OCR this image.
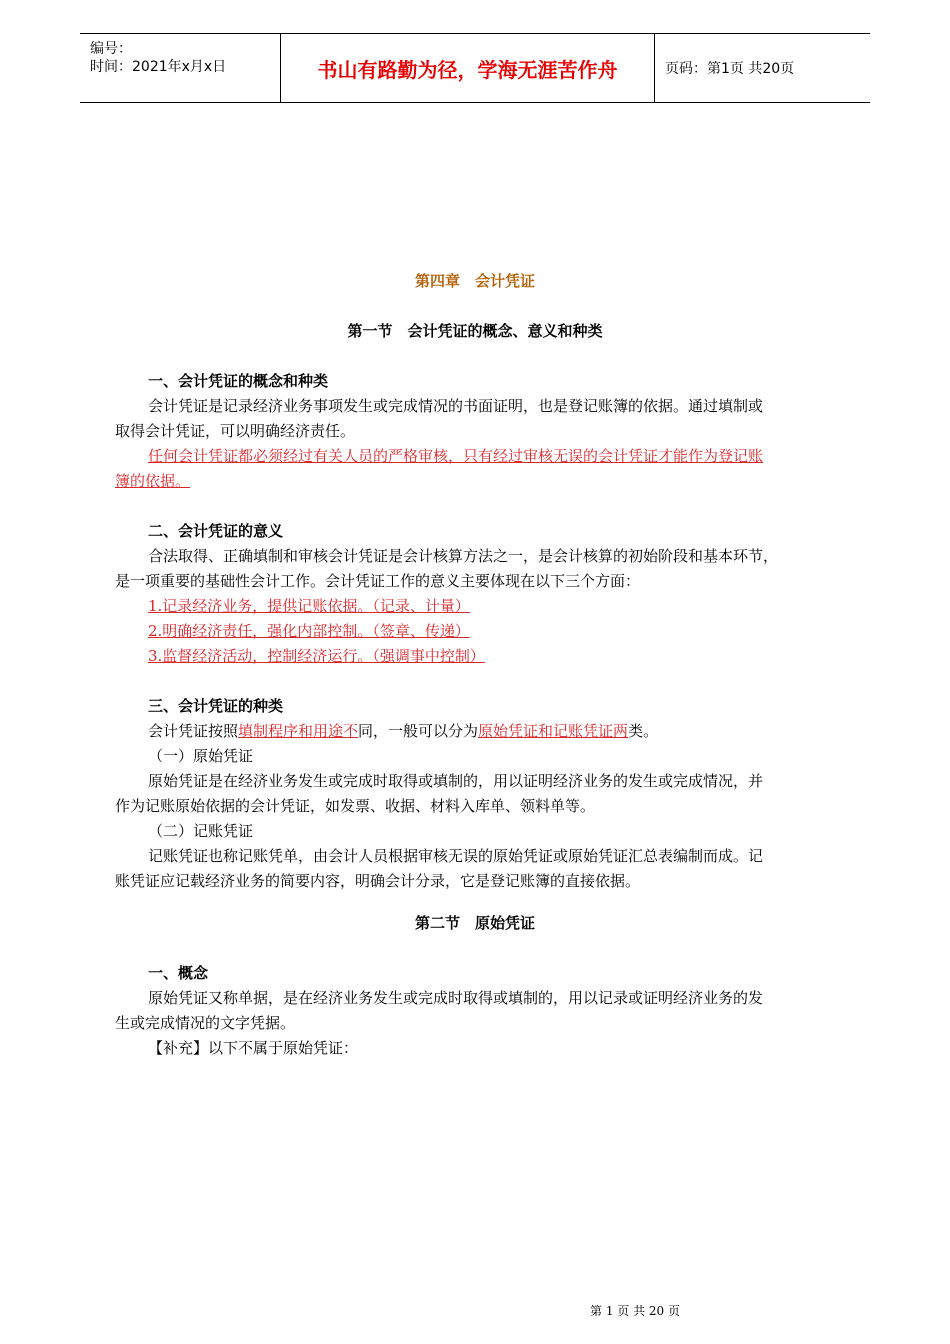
编号：
时间：2021年x月x日	书山有路勤为径，学海无涯苦作舟	页码：第1页 共20页
第四章　会计凭证
第一节　会计凭证的概念、意义和种类
一、会计凭证的概念和种类
会计凭证是记录经济业务事项发生或完成情况的书面证明，也是登记账簿的依据。通过填制或
取得会计凭证，可以明确经济责任。
任何会计凭证都必须经过有关人员的严格审核，只有经过审核无误的会计凭证才能作为登记账
簿的依据。
二、会计凭证的意义
合法取得、正确填制和审核会计凭证是会计核算方法之一，是会计核算的初始阶段和基本环节，
是一项重要的基础性会计工作。会计凭证工作的意义主要体现在以下三个方面：
1.记录经济业务，提供记账依据。（记录、计量）
2.明确经济责任，强化内部控制。（签章、传递）
3.监督经济活动，控制经济运行。（强调事中控制）
三、会计凭证的种类
会计凭证按照填制程序和用途不同，一般可以分为原始凭证和记账凭证两类。
（一）原始凭证
原始凭证是在经济业务发生或完成时取得或填制的，用以证明经济业务的发生或完成情况，并
作为记账原始依据的会计凭证，如发票、收据、材料入库单、领料单等。
（二）记账凭证
记账凭证也称记账凭单，由会计人员根据审核无误的原始凭证或原始凭证汇总表编制而成。记
账凭证应记载经济业务的简要内容，明确会计分录，它是登记账簿的直接依据。
第二节　原始凭证
一、概念
原始凭证又称单据，是在经济业务发生或完成时取得或填制的，用以记录或证明经济业务的发
生或完成情况的文字凭据。
【补充】以下不属于原始凭证：
第 1 页 共 20 页
